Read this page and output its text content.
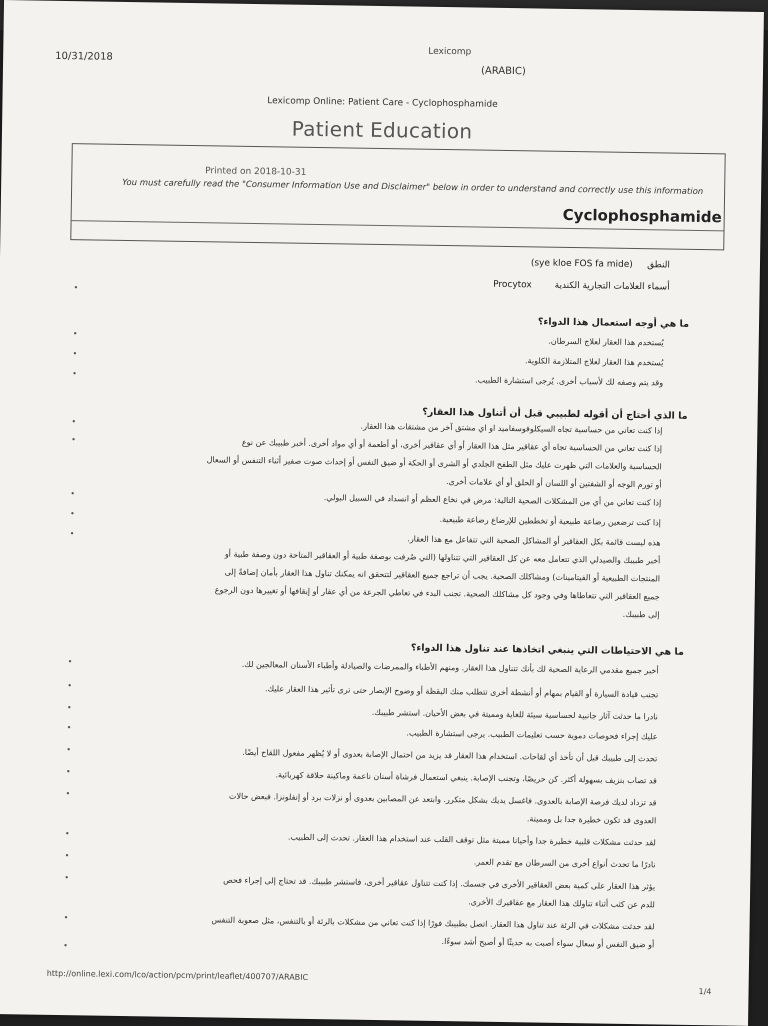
10/31/2018	Lexicomp
(ARABIC)
Lexicomp Online: Patient Care - Cyclophosphamide
Patient Education
Printed on 2018-10-31
You must carefully read the "Consumer Information Use and Disclaimer" below in order to understand and correctly use this information
Cyclophosphamide
النطق     (sye kloe FOS fa mide)
أسماء العلامات التجارية الكندية        Procytox
ما هي أوجه استعمال هذا الدواء؟
يُستخدم هذا العقار لعلاج السرطان.
يُستخدم هذا العقار لعلاج المتلازمة الكلوية.
وقد يتم وصفه لك لأسباب أخرى. يُرجى استشارة الطبيب.
ما الذي أحتاج أن أقوله لطبيبي قبل أن أتناول هذا العقار؟
إذا كنت تعاني من حساسية تجاه السيكلوفوسفاميد او اي مشتق آخر من مشتقات هذا العقار.
إذا كنت تعاني من الحساسية تجاه أي عقاقير مثل هذا العقار أو أي عقاقير أخرى، أو أطعمة أو أي مواد أخرى. أخبر طبيبك عن نوع
الحساسية والعلامات التي ظهرت عليك مثل الطفح الجلدي أو الشرى أو الحكة أو ضيق النفس أو إحداث صوت صفير أثناء التنفس أو السعال
أو تورم الوجه أو الشفتين أو اللسان أو الحلق أو أي علامات أخرى.
إذا كنت تعاني من أي من المشكلات الصحية التالية: مرض في نخاع العظم أو انسداد في السبيل البولي.
إذا كنت ترضعين رضاعة طبيعية أو تخططين للإرضاع رضاعة طبيعية.
هذه ليست قائمة بكل العقاقير أو المشاكل الصحية التي تتفاعل مع هذا العقار.
أخبر طبيبك والصيدلي الذي تتعامل معه عن كل العقاقير التي تتناولها (التي صُرفت بوصفة طبية أو العقاقير المتاحة دون وصفة طبية أو
المنتجات الطبيعية أو الفيتامينات) ومشاكلك الصحية. يجب أن تراجع جميع العقاقير لتتحقق انه يمكنك تناول هذا العقار بأمان إضافةً إلى
جميع العقاقير التي تتعاطاها وفي وجود كل مشاكلك الصحية. تجنب البدء في تعاطي الجرعة من أي عقار أو إيقافها أو تغييرها دون الرجوع
إلى طبيبك.
ما هي الاحتياطات التي ينبغي اتخاذها عند تناول هذا الدواء؟
أخبر جميع مقدمي الرعاية الصحية لك بأنك تتناول هذا العقار. ومنهم الأطباء والممرضات والصيادلة وأطباء الأسنان المعالجين لك.
تجنب قيادة السيارة أو القيام بمهام أو أنشطة أخرى تتطلب منك اليقظة أو وضوح الإبصار حتى ترى تأثير هذا العقار عليك.
نادرا ما حدثت آثار جانبية لحساسية سيئة للغاية ومميتة في بعض الأحيان. استشر طبيبك.
عليك إجراء فحوصات دموية حسب تعليمات الطبيب. يرجى استشارة الطبيب.
تحدث إلى طبيبك قبل أن تأخذ أي لقاحات. استخدام هذا العقار قد يزيد من احتمال الإصابة بعدوى أو لا يُظهر مفعول اللقاح أيضًا.
قد تصاب بنزيف بسهولة أكثر. كن حريصًا، وتجنب الإصابة. ينبغي استعمال فرشاة أسنان ناعمة وماكينة حلاقة كهربائية.
قد تزداد لديك فرصة الإصابة بالعدوى. فاغسل يديك بشكل متكرر. وابتعد عن المصابين بعدوى أو نزلات برد أو إنفلونزا. فبعض حالات
العدوى قد تكون خطيرة جدا بل ومميتة.
لقد حدثت مشكلات قلبية خطيرة جدا وأحيانا مميتة مثل توقف القلب عند استخدام هذا العقار. تحدث إلى الطبيب.
نادرًا ما تحدث أنواع أخرى من السرطان مع تقدم العمر.
يؤثر هذا العقار على كمية بعض العقاقير الأخرى في جسمك. إذا كنت تتناول عقاقير أخرى، فاستشر طبيبك. قد تحتاج إلى إجراء فحص
للدم عن كثب أثناء تناولك هذا العقار مع عقاقيرك الأخرى.
لقد حدثت مشكلات في الرئة عند تناول هذا العقار. اتصل بطبيبك فورًا إذا كنت تعاني من مشكلات بالرئة أو بالتنفس، مثل صعوبة التنفس
أو ضيق النفس أو سعال سواء أصبت به حديثًا أو أصبح أشد سوءًا.
•
•
•
•
•
•
•
•
•
•
•
•
•
•
•
•
•
•
•
•
•
http://online.lexi.com/lco/action/pcm/print/leaflet/400707/ARABIC
1/4
